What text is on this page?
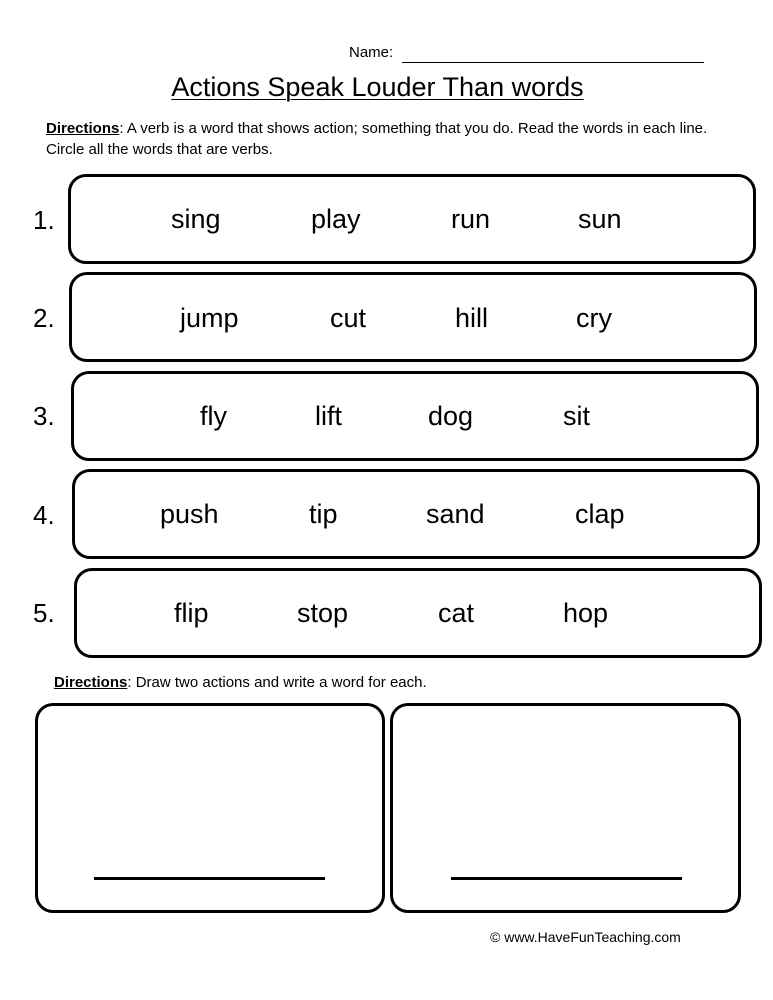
Name:
Actions Speak Louder Than words
Directions: A verb is a word that shows action; something that you do. Read the words in each line. Circle all the words that are verbs.
1.	sing	play	run	sun
2.	jump	cut	hill	cry
3.	fly	lift	dog	sit
4.	push	tip	sand	clap
5.	flip	stop	cat	hop
Directions: Draw two actions and write a word for each.
© www.HaveFunTeaching.com
